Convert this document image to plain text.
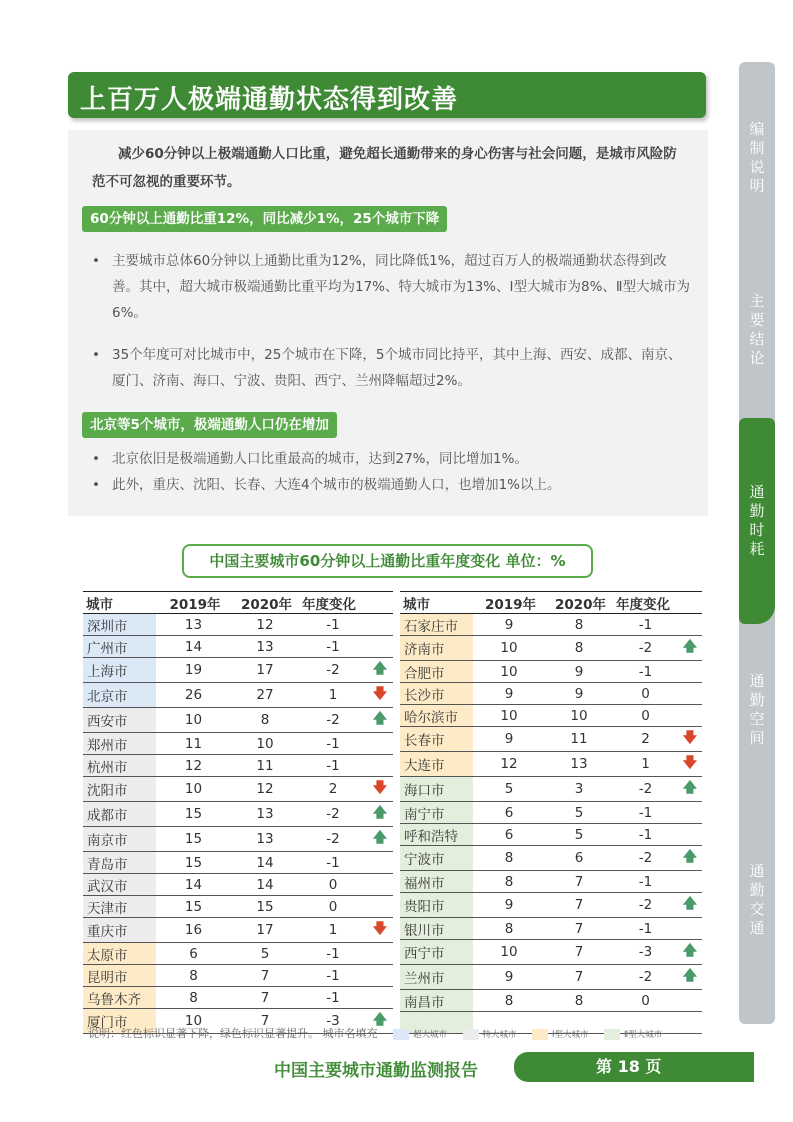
上百万人极端通勤状态得到改善
减少60分钟以上极端通勤人口比重，避免超长通勤带来的身心伤害与社会问题，是城市风险防范不可忽视的重要环节。
60分钟以上通勤比重12%，同比减少1%，25个城市下降
• 主要城市总体60分钟以上通勤比重为12%，同比降低1%，超过百万人的极端通勤状态得到改善。其中，超大城市极端通勤比重平均为17%、特大城市为13%、Ⅰ型大城市为8%、Ⅱ型大城市为6%。
• 35个年度可对比城市中，25个城市在下降，5个城市同比持平，其中上海、西安、成都、南京、厦门、济南、海口、宁波、贵阳、西宁、兰州降幅超过2%。
北京等5个城市，极端通勤人口仍在增加
• 北京依旧是极端通勤人口比重最高的城市，达到27%，同比增加1%。
• 此外，重庆、沈阳、长春、大连4个城市的极端通勤人口，也增加1%以上。
中国主要城市60分钟以上通勤比重年度变化 单位：%
城市	2019年	2020年	年度变化	
深圳市	13	12	-1	
广州市	14	13	-1	
上海市	19	17	-2	🡅
北京市	26	27	1	🡇
西安市	10	8	-2	🡅
郑州市	11	10	-1	
杭州市	12	11	-1	
沈阳市	10	12	2	🡇
成都市	15	13	-2	🡅
南京市	15	13	-2	🡅
青岛市	15	14	-1	
武汉市	14	14	0	
天津市	15	15	0	
重庆市	16	17	1	🡇
太原市	6	5	-1	
昆明市	8	7	-1	
乌鲁木齐	8	7	-1	
厦门市	10	7	-3	🡅
城市	2019年	2020年	年度变化	
石家庄市	9	8	-1	
济南市	10	8	-2	🡅
合肥市	10	9	-1	
长沙市	9	9	0	
哈尔滨市	10	10	0	
长春市	9	11	2	🡇
大连市	12	13	1	🡇
海口市	5	3	-2	🡅
南宁市	6	5	-1	
呼和浩特	6	5	-1	
宁波市	8	6	-2	🡅
福州市	8	7	-1	
贵阳市	9	7	-2	🡅
银川市	8	7	-1	
西宁市	10	7	-3	🡅
兰州市	9	7	-2	🡅
南昌市	8	8	0	

说明：红色标识显著下降，绿色标识显著提升。 城市名填充	超大城市	特大城市	Ⅰ型大城市	Ⅱ型大城市
中国主要城市通勤监测报告	第 18 页
编
制
说
明
主
要
结
论
通
勤
时
耗
通
勤
空
间
通
勤
交
通
